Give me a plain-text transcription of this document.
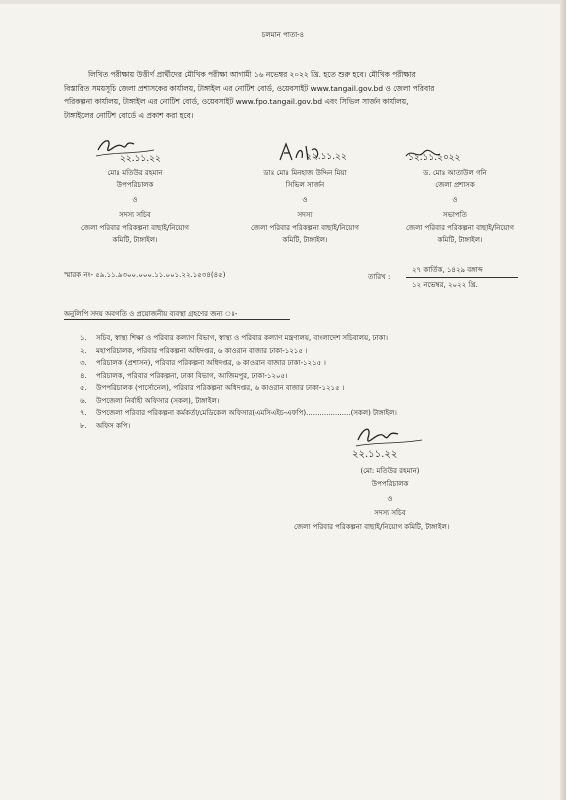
চলমান পাতা-৪
লিখিত পরীক্ষায় উত্তীর্ণ প্রার্থীদের মৌখিক পরীক্ষা আগামী ১৬ নভেম্বর ২০২২ খ্রি. হতে শুরু হবে। মৌখিক পরীক্ষার
বিস্তারিত সময়সূচি জেলা প্রশাসকের কার্যালয়, টাঙ্গাইল এর নোটিশ বোর্ড, ওয়েবসাইট www.tangail.gov.bd ও জেলা পরিবার
পরিকল্পনা কার্যালয়, টাঙ্গাইল এর নোটিশ বোর্ড, ওয়েবসাইট www.fpo.tangail.gov.bd এবং সিভিল সার্জন কার্যালয়,
টাঙ্গাইলের নোটিশ বোর্ডে এ প্রকাশ করা হবে।
২২.১১.২২
মোঃ মতিউর রহমান
উপপরিচালক
ও
সদস্য সচিব
জেলা পরিবার পরিকল্পনা বাছাই/নিয়োগ
কমিটি, টাঙ্গাইল।
২২.১১.২২
ডাঃ মোঃ মিনহাজ উদ্দিন মিয়া
সিভিল সার্জন
ও
সদস্য
জেলা পরিবার পরিকল্পনা বাছাই/নিয়োগ
কমিটি, টাঙ্গাইল।
১২.১১.২০২২
ড. মোঃ আতাউল গনি
জেলা প্রশাসক
ও
সভাপতি
জেলা পরিবার পরিকল্পনা বাছাই/নিয়োগ
কমিটি, টাঙ্গাইল।
স্মারক নং- ৫৯.১১.৯৩০০.০০০.১১.০০১.২২.১৫৩৪(৪৫)	তারিখ :
২৭ কার্তিক, ১৪২৯ বঙ্গাব্দ
১২ নভেম্বর, ২০২২ খ্রি.
অনুলিপি সদয় অবগতি ও প্রয়োজনীয় ব্যবস্থা গ্রহণের জন্য ঃ-
১.	সচিব, স্বাস্থ্য শিক্ষা ও পরিবার কল্যাণ বিভাগ, স্বাস্থ্য ও পরিবার কল্যাণ মন্ত্রণালয়, বাংলাদেশ সচিবালয়, ঢাকা।
২.	মহাপরিচালক, পরিবার পরিকল্পনা অধিদপ্তর, ৬ কাওরান বাজার ঢাকা-১২১৫ ।
৩.	পরিচালক (প্রশাসন), পরিবার পরিকল্পনা অধিদপ্তর, ৬ কাওরান বাজার ঢাকা-১২১৫ ।
৪.	পরিচালক, পরিবার পরিকল্পনা, ঢাকা বিভাগ, আজিমপুর, ঢাকা-১২০৫।
৫.	উপপরিচালক (পার্সোনেল), পরিবার পরিকল্পনা অধিদপ্তর, ৬ কাওরান বাজার ঢাকা-১২১৫ ।
৬.	উপজেলা নির্বাহী অফিসার (সকল), টাঙ্গাইল।
৭.	উপজেলা পরিবার পরিকল্পনা কর্মকর্তা/মেডিকেল অফিসার(এমসিএইচ-এফপি)....................(সকল) টাঙ্গাইল।
৮.	অফিস কপি।
২২.১১.২২
(মো: মতিউর রহমান)
উপপরিচালক
ও
সদস্য সচিব
জেলা পরিবার পরিকল্পনা বাছাই/নিয়োগ কমিটি, টাঙ্গাইল।
